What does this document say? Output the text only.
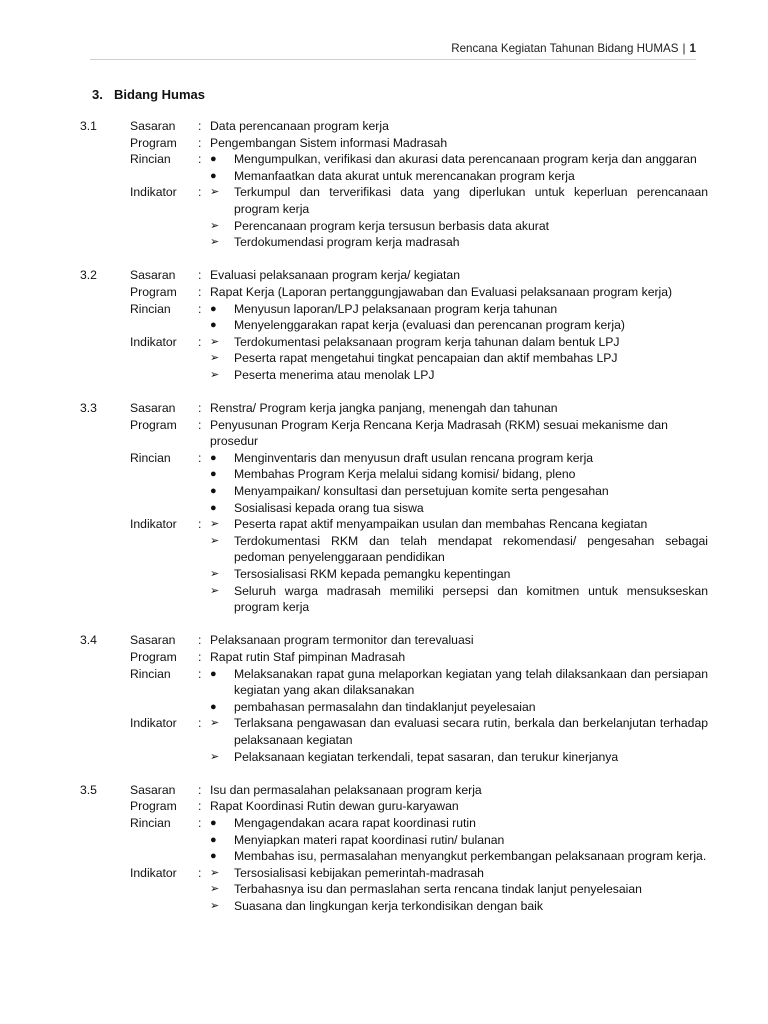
Rencana Kegiatan Tahunan Bidang HUMAS | 1
3. Bidang Humas
3.1	Sasaran	: Data perencanaan program kerja
Program	: Pengembangan Sistem informasi Madrasah
Rincian	: ●	Mengumpulkan, verifikasi dan akurasi data perencanaan program kerja dan anggaran
●	Memanfaatkan data akurat untuk merencanakan program kerja
Indikator	: ➢	Terkumpul dan terverifikasi data yang diperlukan untuk keperluan perencanaan program kerja
➢	Perencanaan program kerja tersusun berbasis data akurat
➢	Terdokumendasi program kerja madrasah
3.2	Sasaran	: Evaluasi pelaksanaan program kerja/ kegiatan
Program	: Rapat Kerja (Laporan pertanggungjawaban dan Evaluasi pelaksanaan program kerja)
Rincian	: ●	Menyusun laporan/LPJ pelaksanaan program kerja tahunan
●	Menyelenggarakan rapat kerja (evaluasi dan perencanan program kerja)
Indikator	: ➢	Terdokumentasi pelaksanaan program kerja tahunan dalam bentuk LPJ
➢	Peserta rapat mengetahui tingkat pencapaian dan aktif membahas LPJ
➢	Peserta menerima atau menolak LPJ
3.3	Sasaran	: Renstra/ Program kerja jangka panjang, menengah dan tahunan
Program	: Penyusunan Program Kerja Rencana Kerja Madrasah (RKM) sesuai mekanisme dan prosedur
Rincian	: ●	Menginventaris dan menyusun draft usulan rencana program kerja
●	Membahas Program Kerja melalui sidang komisi/ bidang, pleno
●	Menyampaikan/ konsultasi dan persetujuan komite serta pengesahan
●	Sosialisasi kepada orang tua siswa
Indikator	: ➢	Peserta rapat aktif menyampaikan usulan dan membahas Rencana kegiatan
➢	Terdokumentasi RKM dan telah mendapat rekomendasi/ pengesahan sebagai pedoman penyelenggaraan pendidikan
➢	Tersosialisasi RKM kepada pemangku kepentingan
➢	Seluruh warga madrasah memiliki persepsi dan komitmen untuk mensukseskan program kerja
3.4	Sasaran	: Pelaksanaan program termonitor dan terevaluasi
Program	: Rapat rutin Staf pimpinan Madrasah
Rincian	: ●	Melaksanakan rapat guna melaporkan kegiatan yang telah dilaksankaan dan persiapan kegiatan yang akan dilaksanakan
●	pembahasan permasalahn dan tindaklanjut peyelesaian
Indikator	: ➢	Terlaksana pengawasan dan evaluasi secara rutin, berkala dan berkelanjutan terhadap pelaksanaan kegiatan
➢	Pelaksanaan kegiatan terkendali, tepat sasaran, dan terukur kinerjanya
3.5	Sasaran	: Isu dan permasalahan pelaksanaan program kerja
Program	: Rapat Koordinasi Rutin dewan guru-karyawan
Rincian	: ●	Mengagendakan acara rapat koordinasi rutin
●	Menyiapkan materi rapat koordinasi rutin/ bulanan
●	Membahas isu, permasalahan menyangkut perkembangan pelaksanaan program kerja.
Indikator	: ➢	Tersosialisasi kebijakan pemerintah-madrasah
➢	Terbahasnya isu dan permaslahan serta rencana tindak lanjut penyelesaian
➢	Suasana dan lingkungan kerja terkondisikan dengan baik
